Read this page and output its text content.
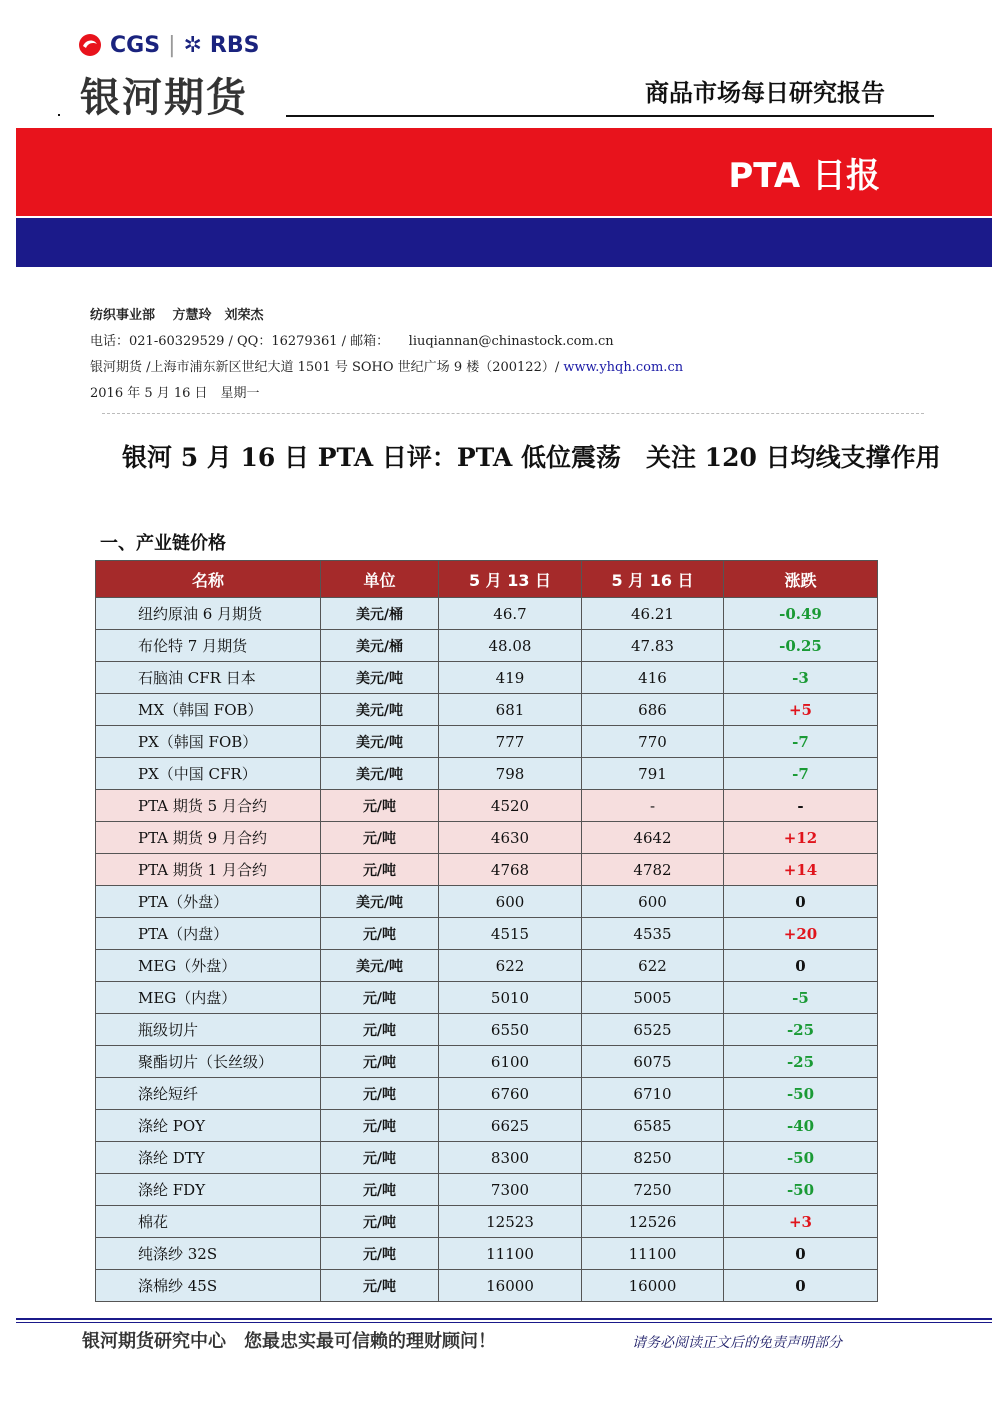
CGS | ✲ RBS
银河期货	商品市场每日研究报告
PTA 日报
纺织事业部　 方慧玲　刘荣杰
电话：021-60329529 / QQ：16279361 / 邮箱：　　liuqiannan@chinastock.com.cn
银河期货 /上海市浦东新区世纪大道 1501 号 SOHO 世纪广场 9 楼（200122）/ www.yhqh.com.cn
2016 年 5 月 16 日　星期一
银河 5 月 16 日 PTA 日评：PTA 低位震荡　关注 120 日均线支撑作用
一、产业链价格
名称	单位	5 月 13 日	5 月 16 日	涨跌
纽约原油 6 月期货	美元/桶	46.7	46.21	-0.49
布伦特 7 月期货	美元/桶	48.08	47.83	-0.25
石脑油 CFR 日本	美元/吨	419	416	-3
MX（韩国 FOB）	美元/吨	681	686	+5
PX（韩国 FOB）	美元/吨	777	770	-7
PX（中国 CFR）	美元/吨	798	791	-7
PTA 期货 5 月合约	元/吨	4520	-	-
PTA 期货 9 月合约	元/吨	4630	4642	+12
PTA 期货 1 月合约	元/吨	4768	4782	+14
PTA（外盘）	美元/吨	600	600	0
PTA（内盘）	元/吨	4515	4535	+20
MEG（外盘）	美元/吨	622	622	0
MEG（内盘）	元/吨	5010	5005	-5
瓶级切片	元/吨	6550	6525	-25
聚酯切片（长丝级）	元/吨	6100	6075	-25
涤纶短纤	元/吨	6760	6710	-50
涤纶 POY	元/吨	6625	6585	-40
涤纶 DTY	元/吨	8300	8250	-50
涤纶 FDY	元/吨	7300	7250	-50
棉花	元/吨	12523	12526	+3
纯涤纱 32S	元/吨	11100	11100	0
涤棉纱 45S	元/吨	16000	16000	0
银河期货研究中心　您最忠实最可信赖的理财顾问！	请务必阅读正文后的免责声明部分
